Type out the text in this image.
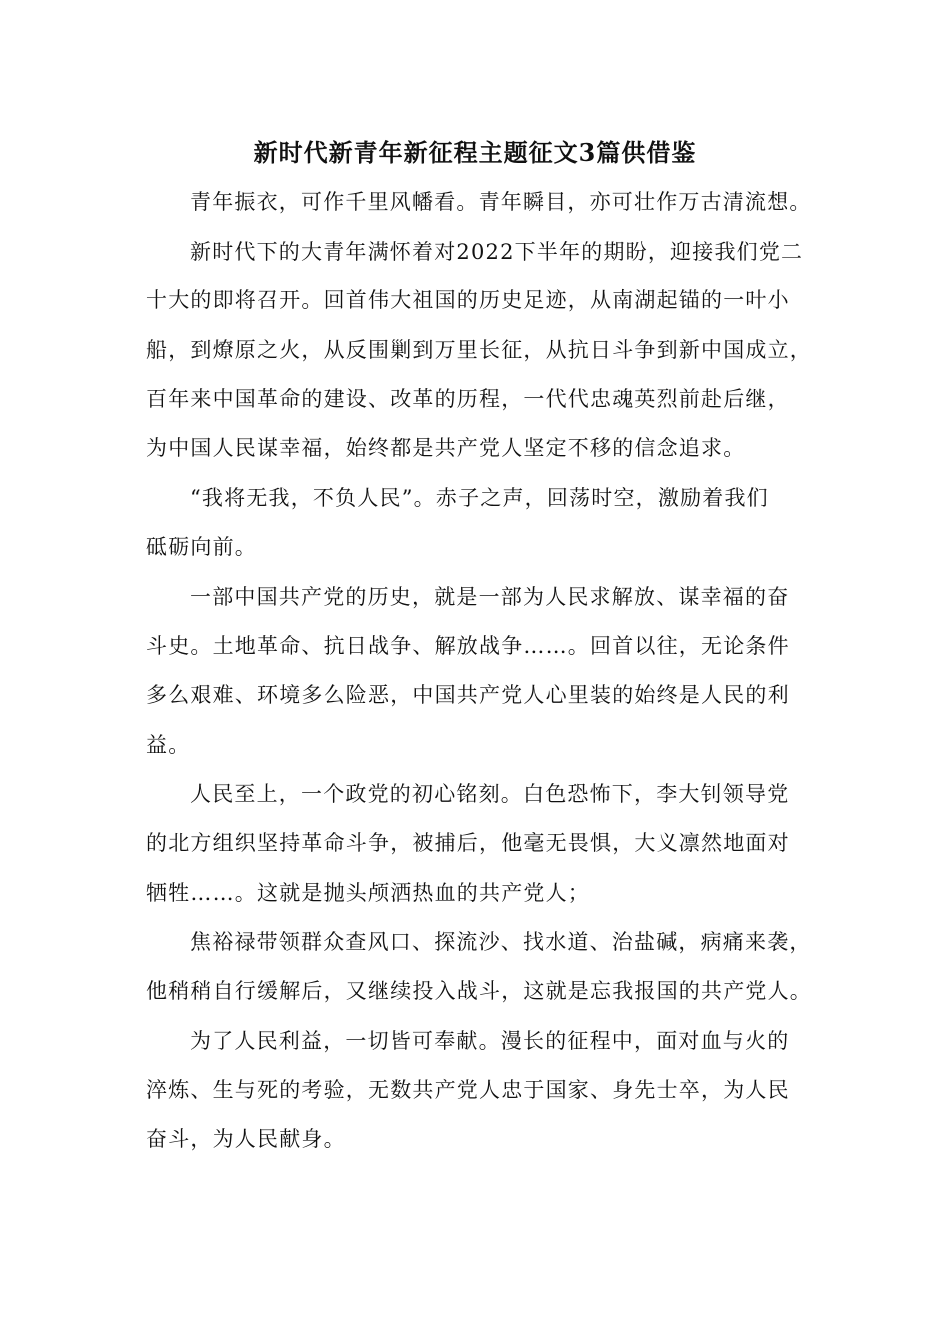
新时代新青年新征程主题征文3篇供借鉴
青年振衣，可作千里风幡看。青年瞬目，亦可壮作万古清流想。
新时代下的大青年满怀着对2022下半年的期盼，迎接我们党二
十大的即将召开。回首伟大祖国的历史足迹，从南湖起锚的一叶小
船，到燎原之火，从反围剿到万里长征，从抗日斗争到新中国成立，
百年来中国革命的建设、改革的历程，一代代忠魂英烈前赴后继，
为中国人民谋幸福，始终都是共产党人坚定不移的信念追求。
“我将无我，不负人民”。赤子之声，回荡时空，激励着我们
砥砺向前。
一部中国共产党的历史，就是一部为人民求解放、谋幸福的奋
斗史。土地革命、抗日战争、解放战争……。回首以往，无论条件
多么艰难、环境多么险恶，中国共产党人心里装的始终是人民的利
益。
人民至上，一个政党的初心铭刻。白色恐怖下，李大钊领导党
的北方组织坚持革命斗争，被捕后，他毫无畏惧，大义凛然地面对
牺牲……。这就是抛头颅洒热血的共产党人；
焦裕禄带领群众查风口、探流沙、找水道、治盐碱，病痛来袭，
他稍稍自行缓解后，又继续投入战斗，这就是忘我报国的共产党人。
为了人民利益，一切皆可奉献。漫长的征程中，面对血与火的
淬炼、生与死的考验，无数共产党人忠于国家、身先士卒，为人民
奋斗，为人民献身。
